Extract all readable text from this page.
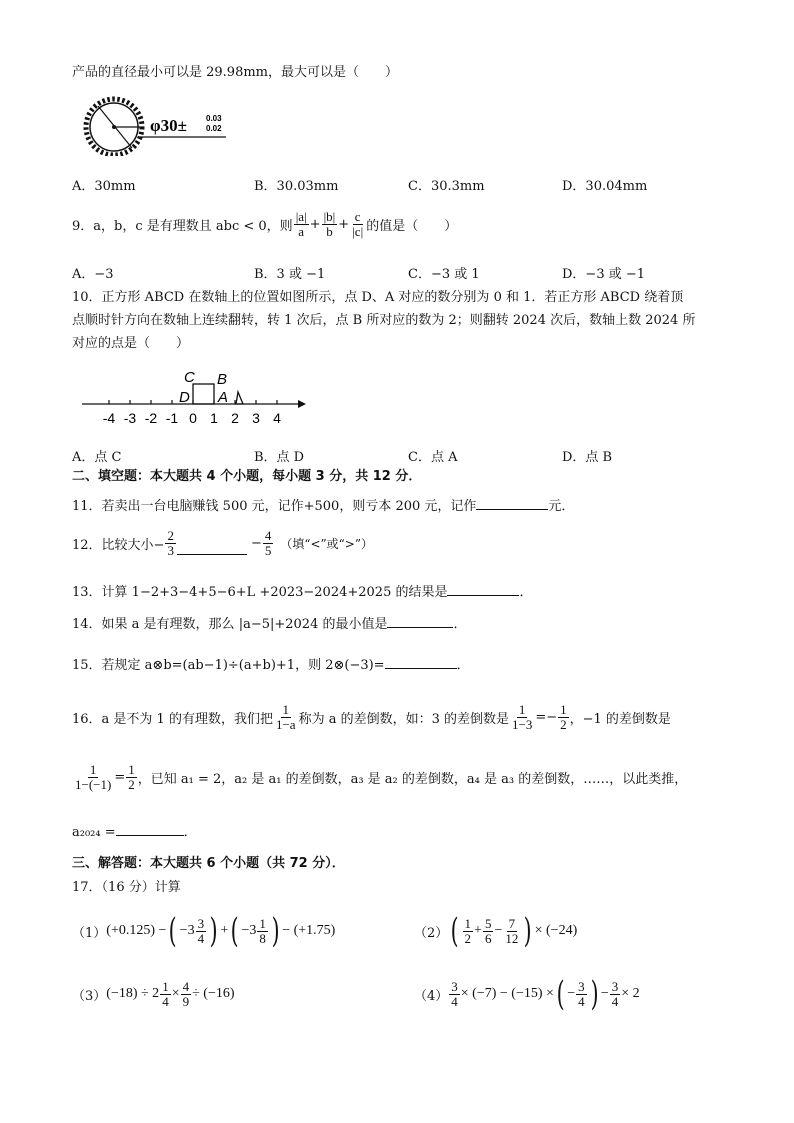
产品的直径最小可以是 29.98mm，最大可以是（　　）
φ30± 0.03
0.02
A．30mm	B．30.03mm	C．30.3mm	D．30.04mm
9． a，b，c 是有理数且 abc < 0，则 $\frac{|a|}{a} + \frac{|b|}{b} + \frac{c}{|c|}$ 的值是（　　）
A．−3	B．3 或 −1	C．−3 或 1	D．−3 或 −1
10．正方形 ABCD 在数轴上的位置如图所示，点 D、A 对应的数分别为 0 和 1．若正方形 ABCD 绕着顶
点顺时针方向在数轴上连续翻转，转 1 次后，点 B 所对应的数为 2；则翻转 2024 次后，数轴上数 2024 所
对应的点是（　　）
C B
D A
-4 -3 -2 -1 0 1 2 3 4
A．点 C	B．点 D	C．点 A	D．点 B
二、填空题：本大题共 4 个小题，每小题 3 分，共 12 分．
11．若卖出一台电脑赚钱 500 元，记作+500，则亏本 200 元，记作	元．
12．比较大小− $\frac{2}{3}$	− $\frac{4}{5}$ （填“<”或“>”）
13．计算 1−2+3−4+5−6+L +2023−2024+2025 的结果是	．
14．如果 a 是有理数，那么 |a−5|+2024 的最小值是	．
15．若规定 a⊗b=(ab−1)÷(a+b)+1，则 2⊗(−3)=	．
16．a 是不为 1 的有理数，我们把 $\frac{1}{1-a}$ 称为 a 的差倒数，如：3 的差倒数是 $\frac{1}{1-3} =- \frac{1}{2}$ ，−1 的差倒数是
$\frac{1}{1-(-1)} = \frac{1}{2}$ ，已知 a₁ = 2，a₂ 是 a₁ 的差倒数，a₃ 是 a₂ 的差倒数，a₄ 是 a₃ 的差倒数，……，以此类推，
a₂₀₂₄ =	．
三、解答题：本大题共 6 个小题（共 72 分）．
17．（16 分）计算
（1） (+0.125) − ( $-3 \frac{3}{4}$ ) + ( $-3 \frac{1}{8}$ ) − (+1.75)	（2） ( $\frac{1}{2} + \frac{5}{6} - \frac{7}{12}$ ) × (−24)
（3） $(-18) \div 2 \frac{1}{4} \times \frac{4}{9} \div (-16)$	$(4) \frac{3}{4} \times (-7) - (-15)$ × ( − $\frac{3}{4}$ ) − $\frac{3}{4} \times 2$
